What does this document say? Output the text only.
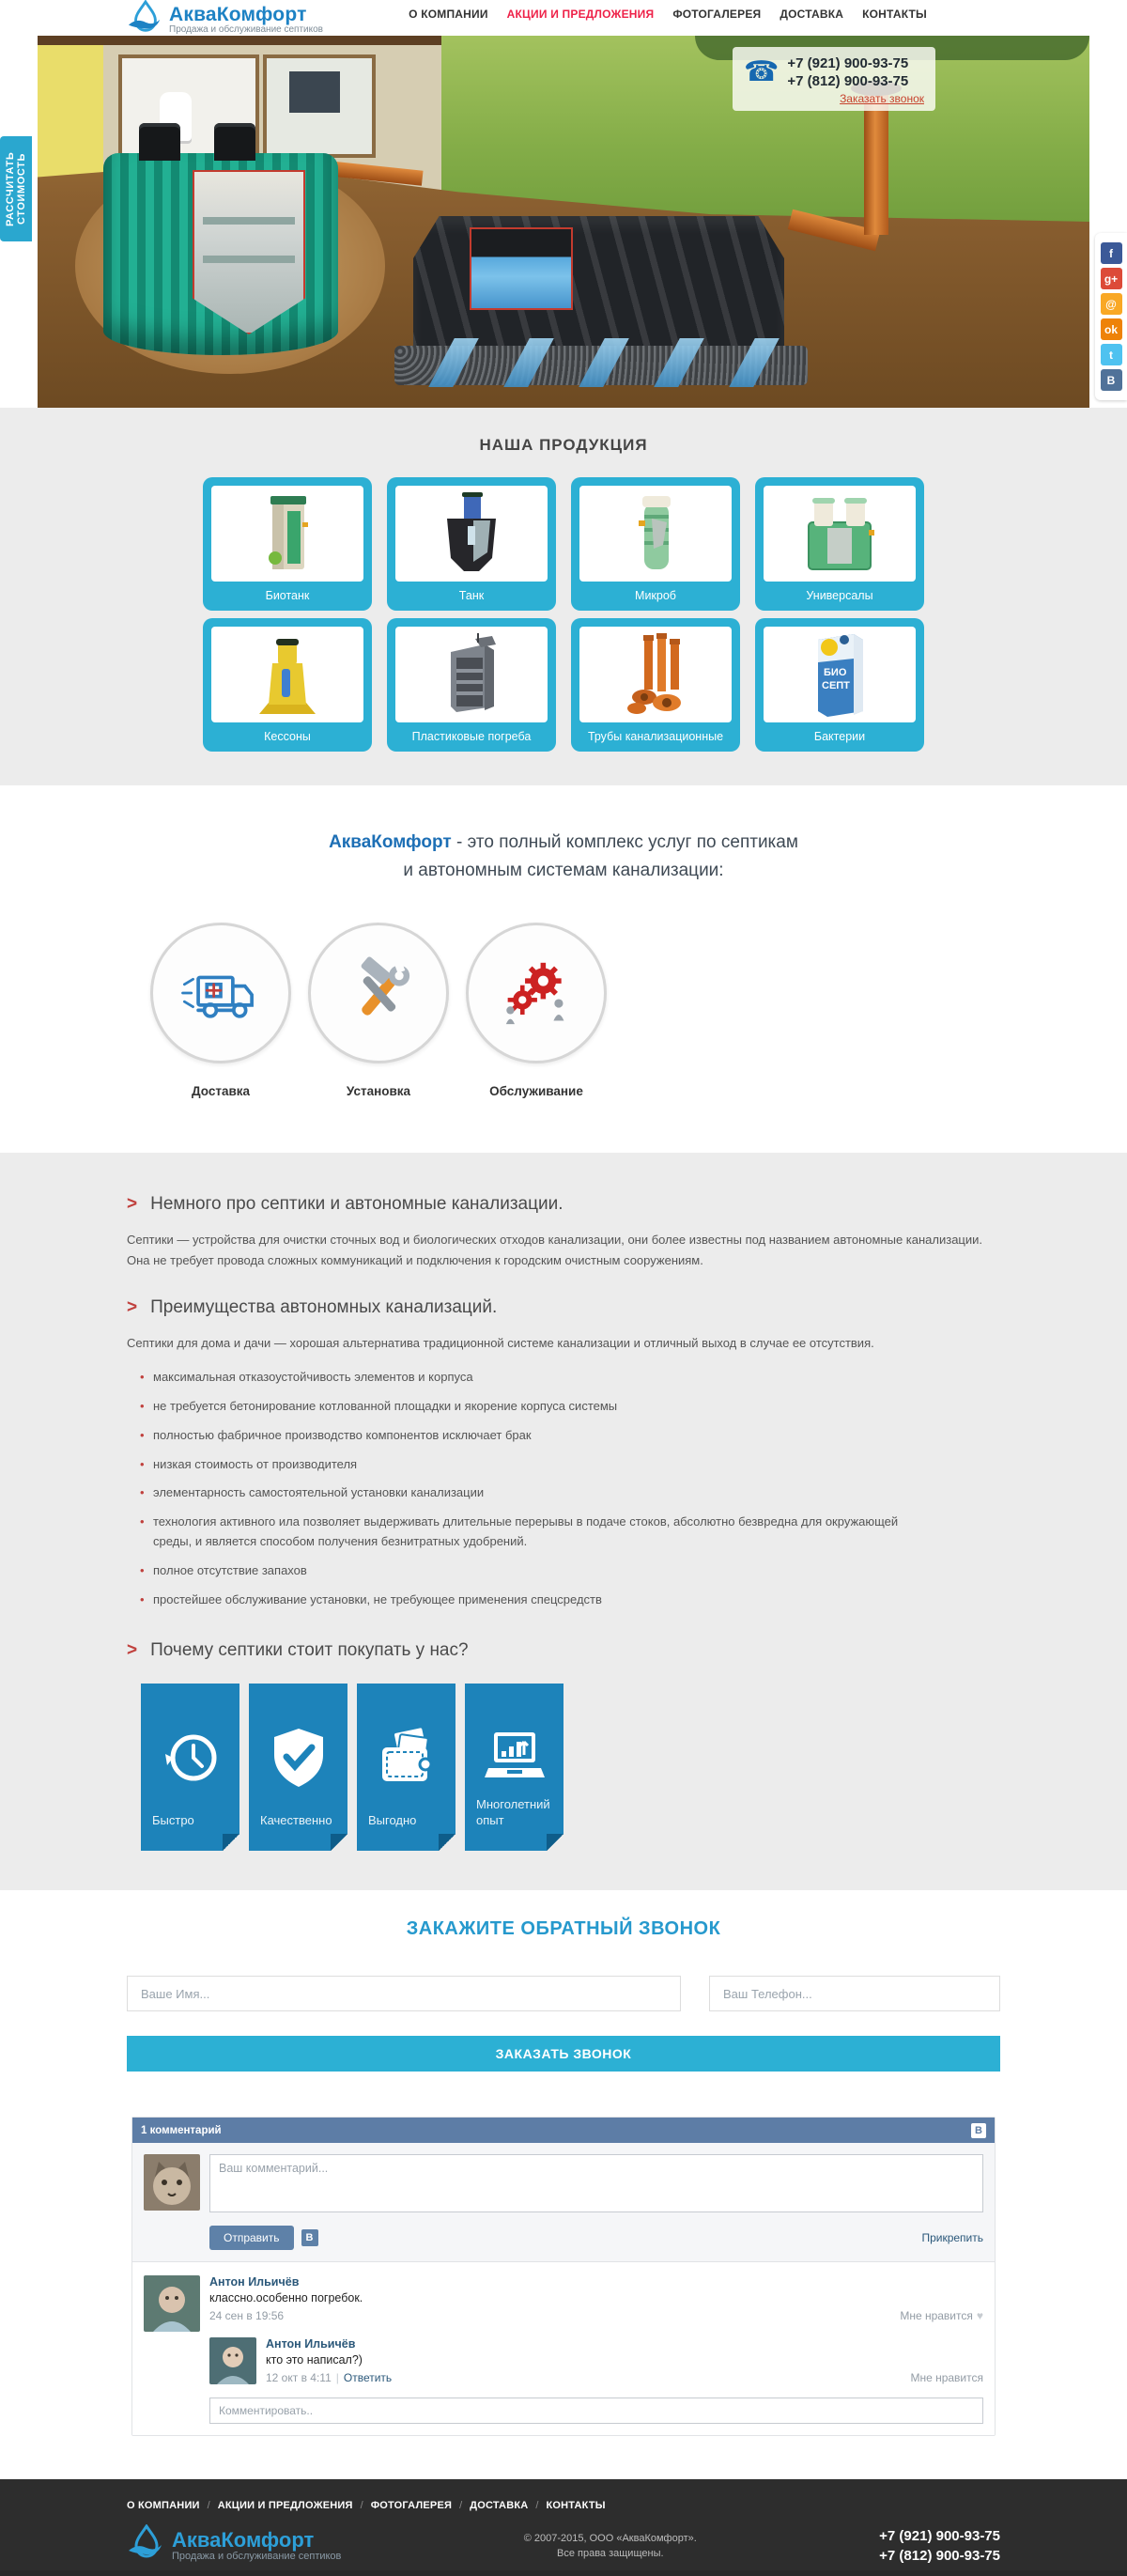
АкваКомфорт
Продажа и обслуживание септиков
О КОМПАНИИ АКЦИИ И ПРЕДЛОЖЕНИЯ ФОТОГАЛЕРЕЯ ДОСТАВКА КОНТАКТЫ
☎ +7 (921) 900-93-75
+7 (812) 900-93-75
Заказать звонок
РАССЧИТАТЬ СТОИМОСТЬ
f
g+
@
ok
t
В
НАША ПРОДУКЦИЯ
Биотанк	Танк	Микроб	Универсалы
Кессоны	Пластиковые погреба	Трубы канализационные
БИО
СЕПТ
Бактерии
АкваКомфорт - это полный комплекс услуг по септикам
и автономным системам канализации:
Доставка	Установка	Обслуживание
> Немного про септики и автономные канализации.

Септики — устройства для очистки сточных вод и биологических отходов канализации, они более известны под названием автономные канализации. Она не требует провода сложных коммуникаций и подключения к городским очистным сооружениям.

> Преимущества автономных канализаций.

Септики для дома и дачи — хорошая альтернатива традиционной системе канализации и отличный выход в случае ее отсутствия.

• максимальная отказоустойчивость элементов и корпуса
• не требуется бетонирование котлованной площадки и якорение корпуса системы
• полностью фабричное производство компонентов исключает брак
• низкая стоимость от производителя
• элементарность самостоятельной установки канализации
• технология активного ила позволяет выдерживать длительные перерывы в подаче стоков, абсолютно безвредна для окружающей среды, и является способом получения безнитратных удобрений.
• полное отсутствие запахов
• простейшее обслуживание установки, не требующее применения спецсредств
> Почему септики стоит покупать у нас?
Быстро	Качественно	Выгодно
Многолетний опыт
ЗАКАЖИТЕ ОБРАТНЫЙ ЗВОНОК
Ваше Имя...
Ваш Телефон...
ЗАКАЗАТЬ ЗВОНОК
1 комментарий	В
Ваш комментарий...
Отправить	В	Прикрепить
Антон Ильичёв
классно.особенно погребок.
24 сен в 19:56	Мне нравится ♥
Антон Ильичёв
кто это написал?)
12 окт в 4:11 | Ответить	Мне нравится
Комментировать..
О КОМПАНИИ / АКЦИИ И ПРЕДЛОЖЕНИЯ / ФОТОГАЛЕРЕЯ / ДОСТАВКА / КОНТАКТЫ
АкваКомфорт
Продажа и обслуживание септиков
© 2007-2015, ООО «АкваКомфорт».
Все права защищены.
+7 (921) 900-93-75
+7 (812) 900-93-75
